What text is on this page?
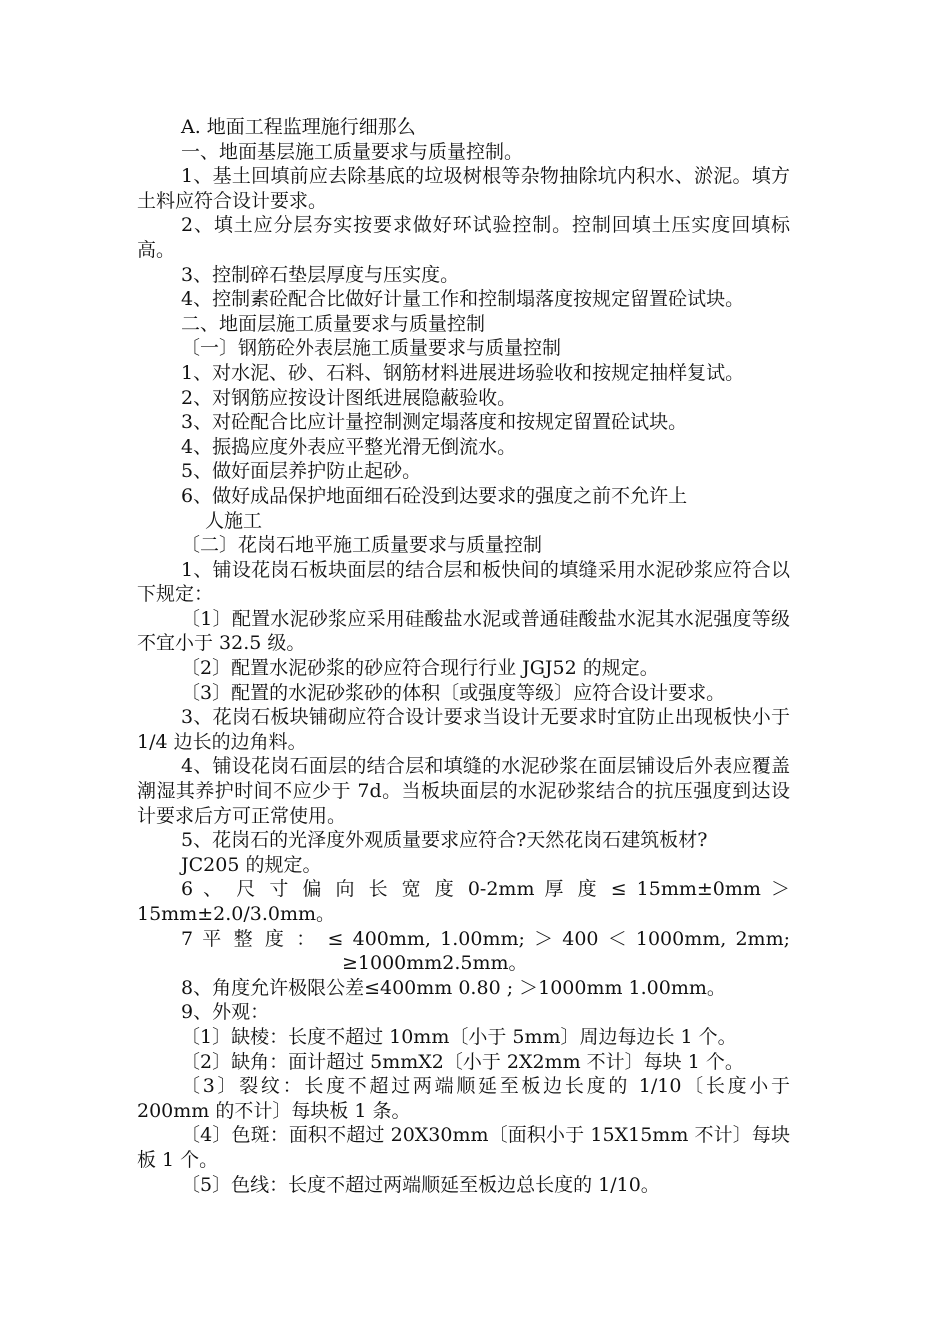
A. 地面工程监理施行细那么

一、地面基层施工质量要求与质量控制。

1、基土回填前应去除基底的垃圾树根等杂物抽除坑内积水、淤泥。填方土料应符合设计要求。

2、填土应分层夯实按要求做好环试验控制。控制回填土压实度回填标高。

3、控制碎石垫层厚度与压实度。

4、控制素砼配合比做好计量工作和控制塌落度按规定留置砼试块。

二、地面层施工质量要求与质量控制

〔一〕钢筋砼外表层施工质量要求与质量控制

1、对水泥、砂、石料、钢筋材料进展进场验收和按规定抽样复试。

2、对钢筋应按设计图纸进展隐蔽验收。

3、对砼配合比应计量控制测定塌落度和按规定留置砼试块。

4、振捣应度外表应平整光滑无倒流水。

5、做好面层养护防止起砂。

6、做好成品保护地面细石砼没到达要求的强度之前不允许上

人施工

〔二〕花岗石地平施工质量要求与质量控制

1、铺设花岗石板块面层的结合层和板快间的填缝采用水泥砂浆应符合以下规定：

〔1〕配置水泥砂浆应采用硅酸盐水泥或普通硅酸盐水泥其水泥强度等级不宜小于 32.5 级。

〔2〕配置水泥砂浆的砂应符合现行行业 JGJ52 的规定。

〔3〕配置的水泥砂浆砂的体积〔或强度等级〕应符合设计要求。

3、花岗石板块铺砌应符合设计要求当设计无要求时宜防止出现板快小于 1/4 边长的边角料。

4、铺设花岗石面层的结合层和填缝的水泥砂浆在面层铺设后外表应覆盖潮湿其养护时间不应少于 7d。当板块面层的水泥砂浆结合的抗压强度到达设计要求后方可正常使用。

5、花岗石的光泽度外观质量要求应符合?天然花岗石建筑板材?

JC205 的规定。

6 、 尺 寸 偏 向 长 宽 度 0-2mm 厚 度 ≤ 15mm±0mm ＞

15mm±2.0/3.0mm。

7 平 整 度 ： ≤ 400mm, 1.00mm; ＞ 400 ＜ 1000mm, 2mm;

≥1000mm2.5mm。

8、角度允许极限公差≤400mm 0.80 ; ＞1000mm 1.00mm。

9、外观：

〔1〕缺棱：长度不超过 10mm〔小于 5mm〕周边每边长 1 个。

〔2〕缺角：面计超过 5mmX2〔小于 2X2mm 不计〕每块 1 个。

〔3〕裂纹：长度不超过两端顺延至板边长度的 1/10〔长度小于 200mm 的不计〕每块板 1 条。

〔4〕色斑：面积不超过 20X30mm〔面积小于 15X15mm 不计〕每块板 1 个。

〔5〕色线：长度不超过两端顺延至板边总长度的 1/10。
